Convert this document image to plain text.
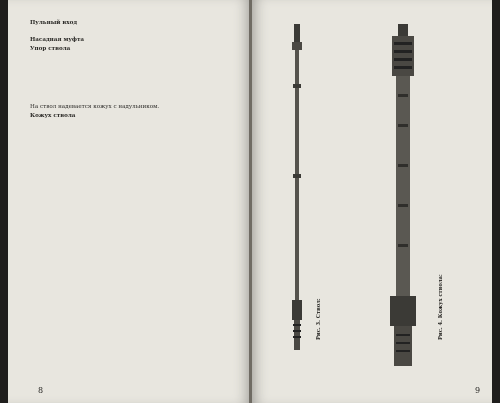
Пульный вход
Насадная муфта
Упор ствола
На ствол надевается кожух с надульником.
Кожух ствола
8
Рис. 3. Ствол:	Рис. 4. Кожух ствола:
9
